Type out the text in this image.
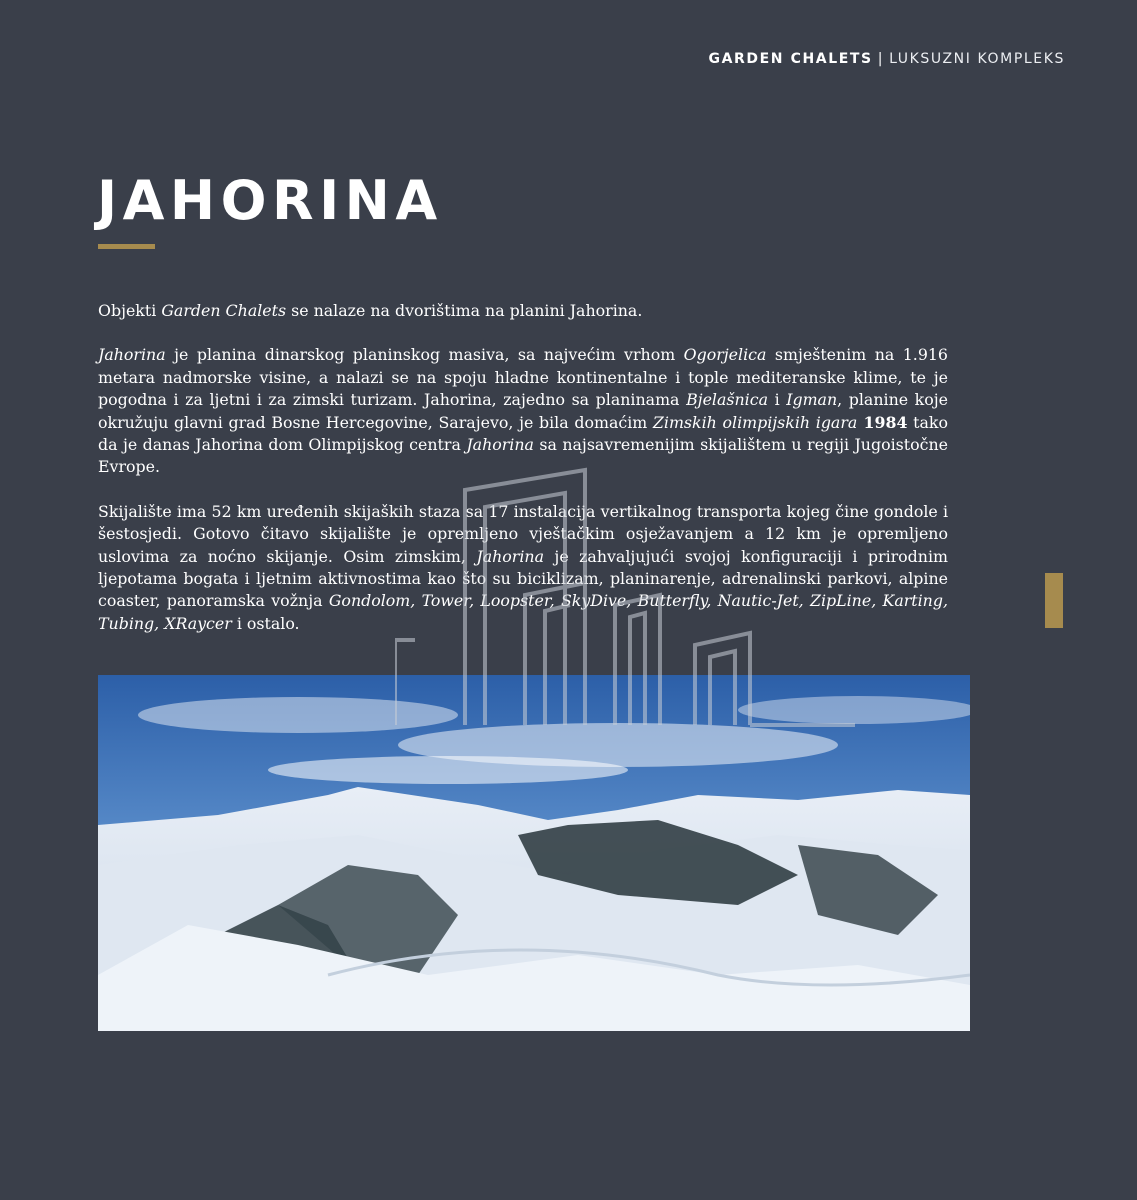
GARDEN CHALETS | LUKSUZNI KOMPLEKS
JAHORINA

Objekti Garden Chalets se nalaze na dvorištima na planini Jahorina.

Jahorina je planina dinarskog planinskog masiva, sa najvećim vrhom Ogorjelica smještenim na 1.916 metara nadmorske visine, a nalazi se na spoju hladne kontinentalne i tople mediteranske klime, te je pogodna i za ljetni i za zimski turizam. Jahorina, zajedno sa planinama Bjelašnica i Igman, planine koje okružuju glavni grad Bosne Hercegovine, Sarajevo, je bila domaćim Zimskih olimpijskih igara 1984 tako da je danas Jahorina dom Olimpijskog centra Jahorina sa najsavremenijim skijalištem u regiji Jugoistočne Evrope.

Skijalište ima 52 km uređenih skijaških staza sa 17 instalacija vertikalnog transporta kojeg čine gondole i šestosjedi. Gotovo čitavo skijalište je opremljeno vještačkim osježavanjem a 12 km je opremljeno uslovima za noćno skijanje. Osim zimskim, Jahorina je zahvaljujući svojoj konfiguraciji i prirodnim ljepotama bogata i ljetnim aktivnostima kao što su biciklizam, planinarenje, adrenalinski parkovi, alpine coaster, panoramska vožnja Gondolom, Tower, Loopster, SkyDive, Butterfly, Nautic-Jet, ZipLine, Karting, Tubing, XRaycer i ostalo.
